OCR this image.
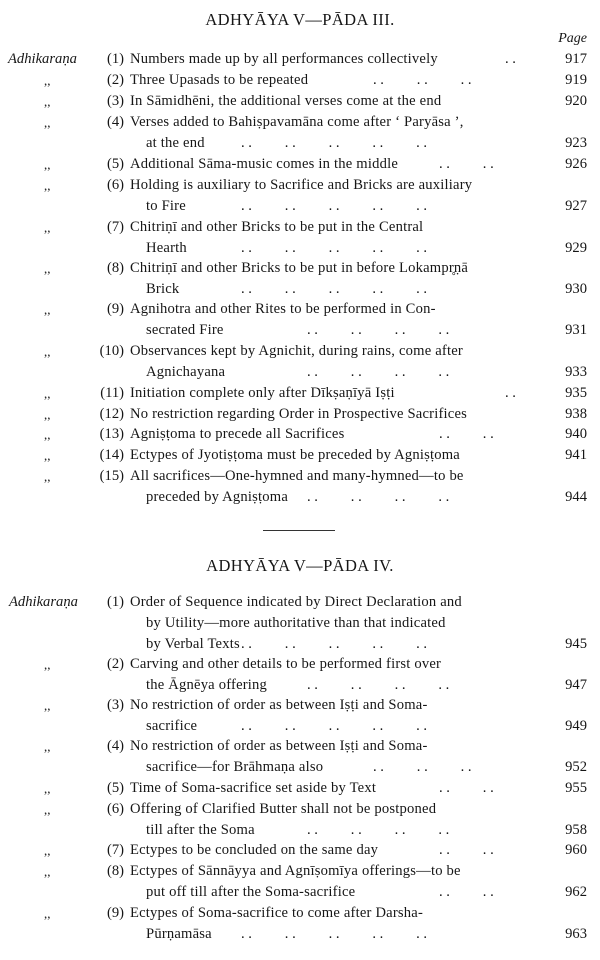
ADHYĀYA V—PĀDA III.
Page
Adhikaraṇa	(1) Numbers made up by all performances collectively	. .	917
,,	(2) Three Upasads to be repeated	. .         . .         . .	919
,,	(3) In Sāmidhēni, the additional verses come at the end	920
,,	(4) Verses added to Bahiṣpavamāna come after ‘ Paryāsa ’,
at the end . .         . .         . .         . .         . .	923
,,	(5) Additional Sāma-music comes in the middle	. .         . .	926
,,	(6) Holding is auxiliary to Sacrifice and Bricks are auxiliary
to Fire	. .         . .         . .         . .         . .	927
,,	(7) Chitriṇī and other Bricks to be put in the Central
Hearth	. .         . .         . .         . .         . .	929
,,	(8) Chitriṇī and other Bricks to be put in before Lokampr̥ṇā
Brick	. .         . .         . .         . .         . .	930
,,	(9) Agnihotra and other Rites to be performed in Con-
secrated Fire	. .         . .         . .         . .	931
,,	(10) Observances kept by Agnichit, during rains, come after
Agnichayana	. .         . .         . .         . .	933
,,	(11) Initiation complete only after Dīkṣaṇīyā Iṣṭi	. .	935
,,	(12) No restriction regarding Order in Prospective Sacrifices	938
,,	(13) Agniṣṭoma to precede all Sacrifices	. .         . .	940
,,	(14) Ectypes of Jyotiṣṭoma must be preceded by Agniṣṭoma	941
,,	(15) All sacrifices—One-hymned and many-hymned—to be
preceded by Agniṣṭoma . .         . .         . .         . .	944
ADHYĀYA V—PĀDA IV.
Adhikaraṇa	(1) Order of Sequence indicated by Direct Declaration and
by Utility—more authoritative than that indicated
by Verbal Texts . .         . .         . .         . .         . .	945
,,	(2) Carving and other details to be performed first over
the Āgnēya offering	. .         . .         . .         . .	947
,,	(3) No restriction of order as between Iṣṭi and Soma-
sacrifice	. .         . .         . .         . .         . .	949
,,	(4) No restriction of order as between Iṣṭi and Soma-
sacrifice—for Brāhmaṇa also	. .         . .         . .	952
,,	(5) Time of Soma-sacrifice set aside by Text	. .         . .	955
,,	(6) Offering of Clarified Butter shall not be postponed
till after the Soma	. .         . .         . .         . .	958
,,	(7) Ectypes to be concluded on the same day	. .         . .	960
,,	(8) Ectypes of Sānnāyya and Agnīṣomīya offerings—to be
put off till after the Soma-sacrifice	. .         . .	962
,,	(9) Ectypes of Soma-sacrifice to come after Darsha-
Pūrṇamāsa . .         . .         . .         . .         . .	963
